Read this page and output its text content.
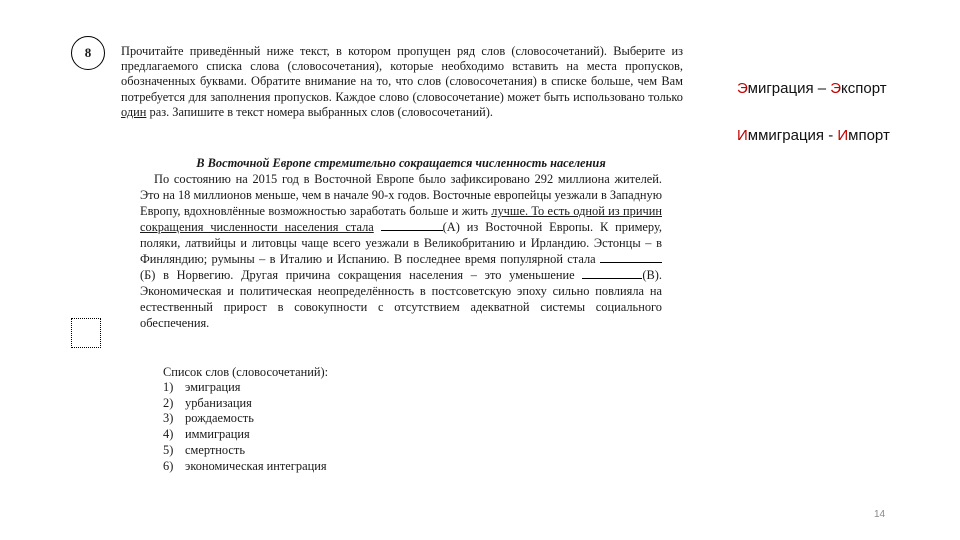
8 Прочитайте приведённый ниже текст, в котором пропущен ряд слов (словосочетаний). Выберите из предлагаемого списка слова (словосочетания), которые необходимо вставить на места пропусков, обозначенных буквами. Обратите внимание на то, что слов (словосочетания) в списке больше, чем Вам потребуется для заполнения пропусков. Каждое слово (словосочетание) может быть использовано только один раз. Запишите в текст номера выбранных слов (словосочетаний).
В Восточной Европе стремительно сокращается численность населения
По состоянию на 2015 год в Восточной Европе было зафиксировано 292 миллиона жителей. Это на 18 миллионов меньше, чем в начале 90-х годов. Восточные европейцы уезжали в Западную Европу, вдохновлённые возможностью заработать больше и жить лучше. То есть одной из причин сокращения численности населения стала	(А) из Восточной Европы. К примеру, поляки, латвийцы и литовцы чаще всего уезжали в Великобританию и Ирландию. Эстонцы – в Финляндию; румыны – в Италию и Испанию. В последнее время популярной стала (Б) в Норвегию. Другая причина сокращения населения – это уменьшение	(В). Экономическая и политическая неопределённость в постсоветскую эпоху сильно повлияла на естественный прирост в совокупности с отсутствием адекватной системы социального обеспечения.
Список слов (словосочетаний):
1) эмиграция
2) урбанизация
3) рождаемость
4) иммиграция
5) смертность
6) экономическая интеграция
Эмиграция – Экспорт
Иммиграция - Импорт
14
